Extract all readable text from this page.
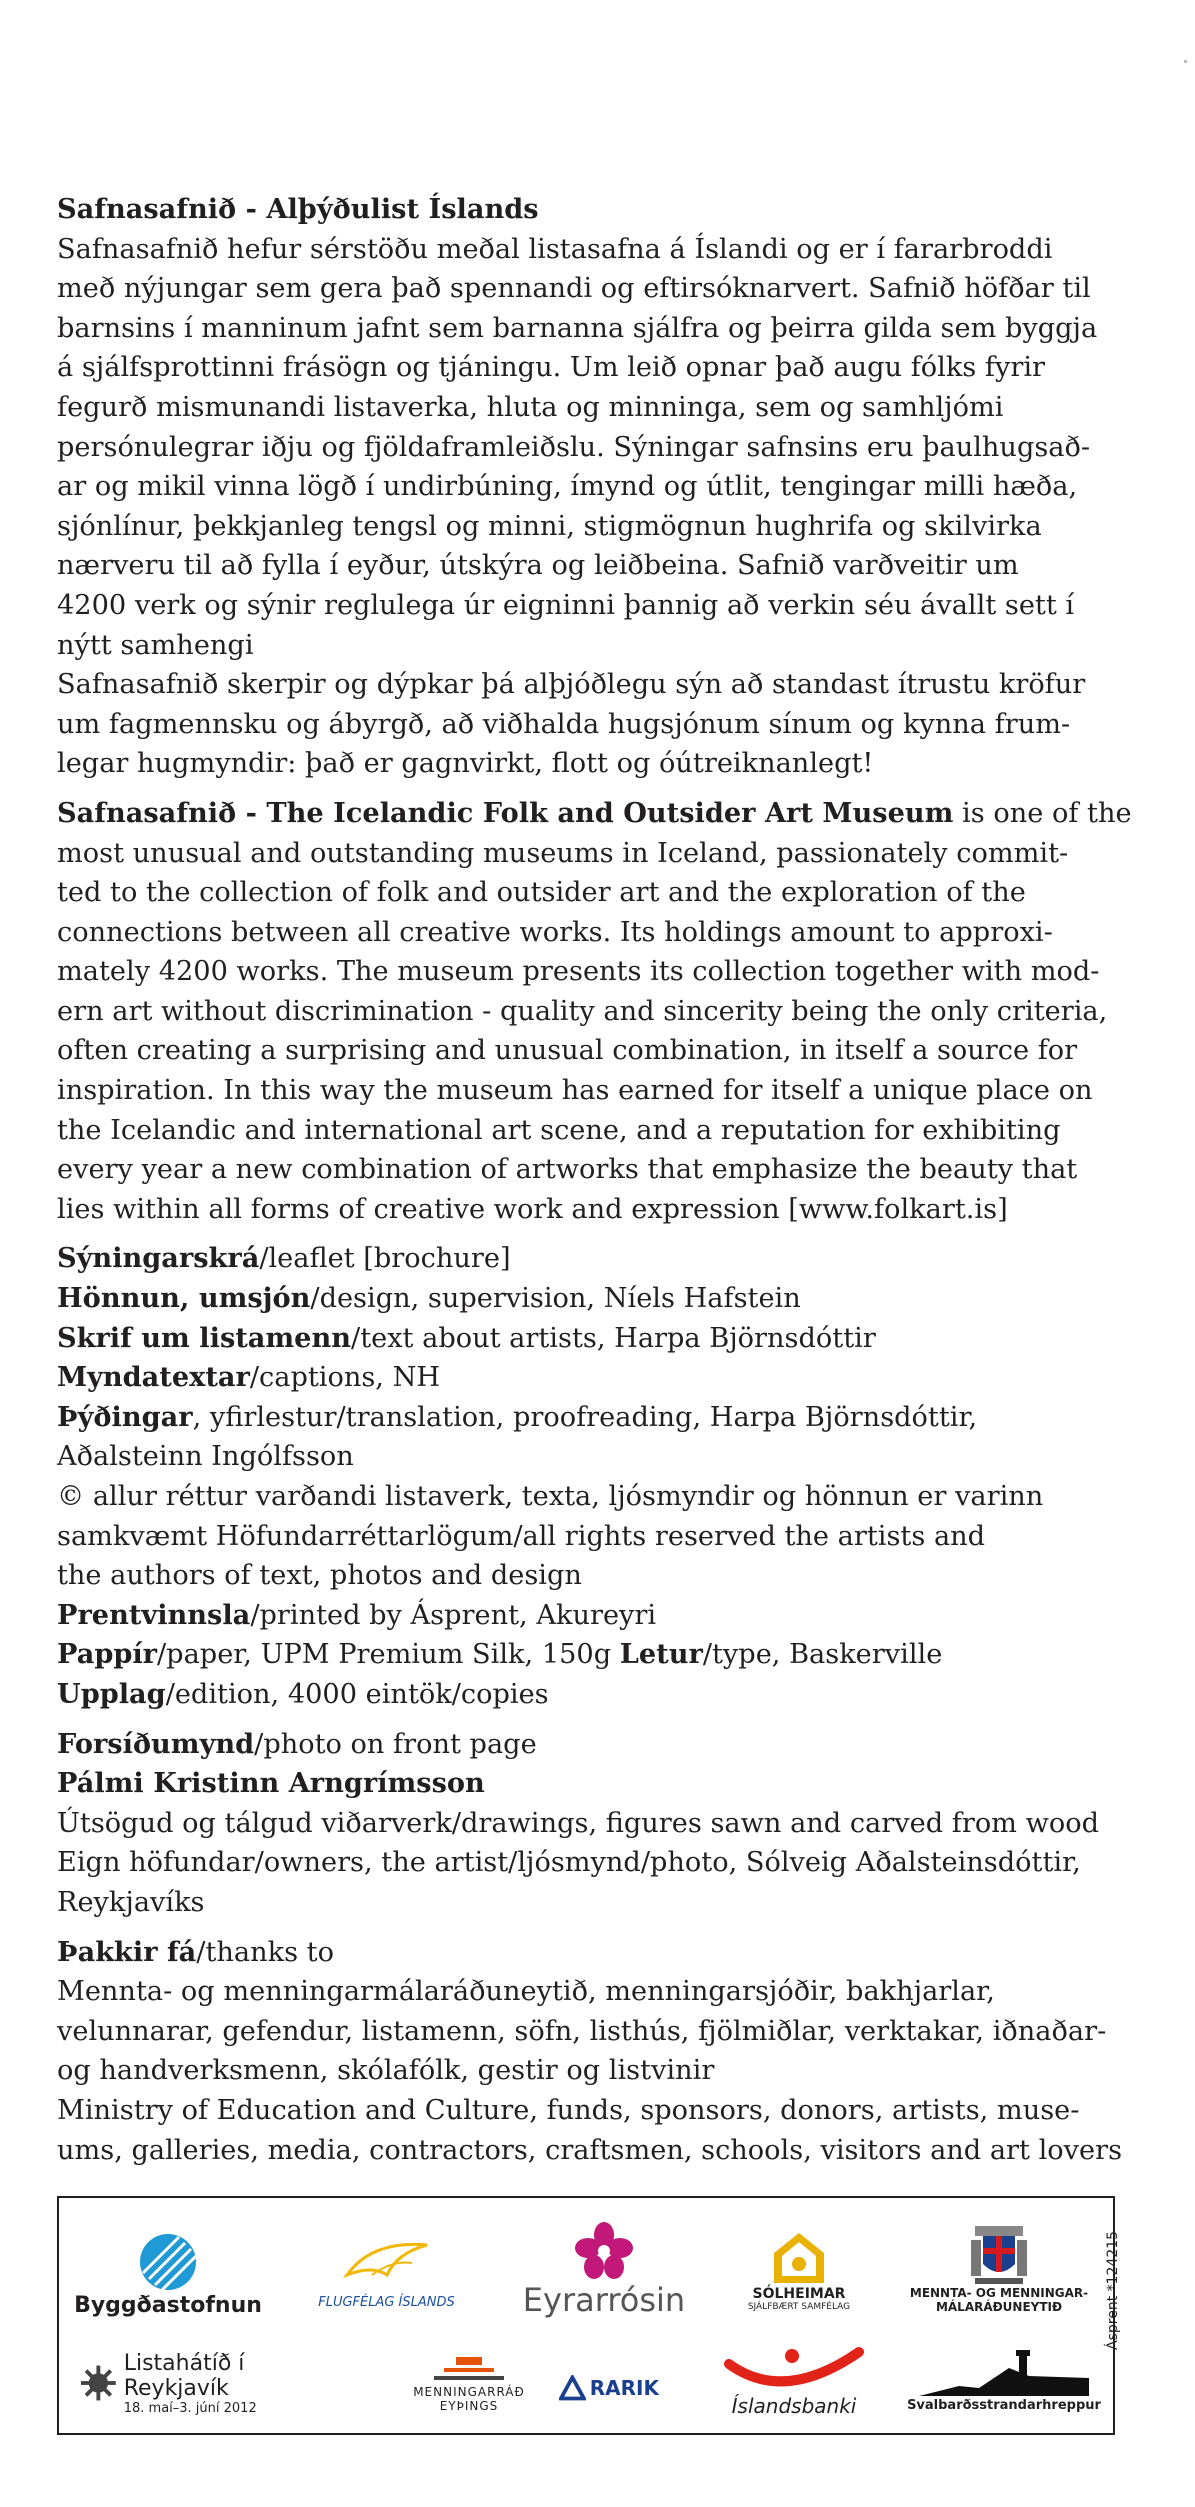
Safnasafnið - Alþýðulist Íslands

Safnasafnið hefur sérstöðu meðal listasafna á Íslandi og er í fararbroddi

með nýjungar sem gera það spennandi og eftirsóknarvert. Safnið höfðar til

barnsins í manninum jafnt sem barnanna sjálfra og þeirra gilda sem byggja

á sjálfsprottinni frásögn og tjáningu. Um leið opnar það augu fólks fyrir

fegurð mismunandi listaverka, hluta og minninga, sem og samhljómi

persónulegrar iðju og fjöldaframleiðslu. Sýningar safnsins eru þaulhugsað-

ar og mikil vinna lögð í undirbúning, ímynd og útlit, tengingar milli hæða,

sjónlínur, þekkjanleg tengsl og minni, stigmögnun hughrifa og skilvirka

nærveru til að fylla í eyður, útskýra og leiðbeina. Safnið varðveitir um

4200 verk og sýnir reglulega úr eigninni þannig að verkin séu ávallt sett í

nýtt samhengi

Safnasafnið skerpir og dýpkar þá alþjóðlegu sýn að standast ítrustu kröfur

um fagmennsku og ábyrgð, að viðhalda hugsjónum sínum og kynna frum-

legar hugmyndir: það er gagnvirkt, flott og óútreiknanlegt!

Safnasafnið - The Icelandic Folk and Outsider Art Museum is one of the

most unusual and outstanding museums in Iceland, passionately commit-

ted to the collection of folk and outsider art and the exploration of the

connections between all creative works. Its holdings amount to approxi-

mately 4200 works. The museum presents its collection together with mod-

ern art without discrimination - quality and sincerity being the only criteria,

often creating a surprising and unusual combination, in itself a source for

inspiration. In this way the museum has earned for itself a unique place on

the Icelandic and international art scene, and a reputation for exhibiting

every year a new combination of artworks that emphasize the beauty that

lies within all forms of creative work and expression [www.folkart.is]

Sýningarskrá/leaflet [brochure]

Hönnun, umsjón/design, supervision, Níels Hafstein

Skrif um listamenn/text about artists, Harpa Björnsdóttir

Myndatextar/captions, NH

Þýðingar, yfirlestur/translation, proofreading, Harpa Björnsdóttir,

Aðalsteinn Ingólfsson

© allur réttur varðandi listaverk, texta, ljósmyndir og hönnun er varinn

samkvæmt Höfundarréttarlögum/all rights reserved the artists and

the authors of text, photos and design

Prentvinnsla/printed by Ásprent, Akureyri

Pappír/paper, UPM Premium Silk, 150g Letur/type, Baskerville

Upplag/edition, 4000 eintök/copies

Forsíðumynd/photo on front page

Pálmi Kristinn Arngrímsson

Útsögud og tálgud viðarverk/drawings, figures sawn and carved from wood

Eign höfundar/owners, the artist/ljósmynd/photo, Sólveig Aðalsteinsdóttir,

Reykjavíks

Þakkir fá/thanks to

Mennta- og menningarmálaráðuneytið, menningarsjóðir, bakhjarlar,

velunnarar, gefendur, listamenn, söfn, listhús, fjölmiðlar, verktakar, iðnaðar-

og handverksmenn, skólafólk, gestir og listvinir

Ministry of Education and Culture, funds, sponsors, donors, artists, muse-

ums, galleries, media, contractors, craftsmen, schools, visitors and art lovers

Byggðastofnun	FLUGFÉLAG ÍSLANDS Eyrarrósin	SÓLHEIMAR
SJÁLFBÆRT SAMFÉLAG
MENNTA- OG MENNINGAR-
MÁLARÁÐUNEYTIÐ
Listahátíð í Reykjavík
18. maí–3. júní 2012
MENNINGARRÁÐ
EYÞINGS
RARIK
Íslandsbanki	Svalbarðsstrandarhreppur
Ásprent *124215
